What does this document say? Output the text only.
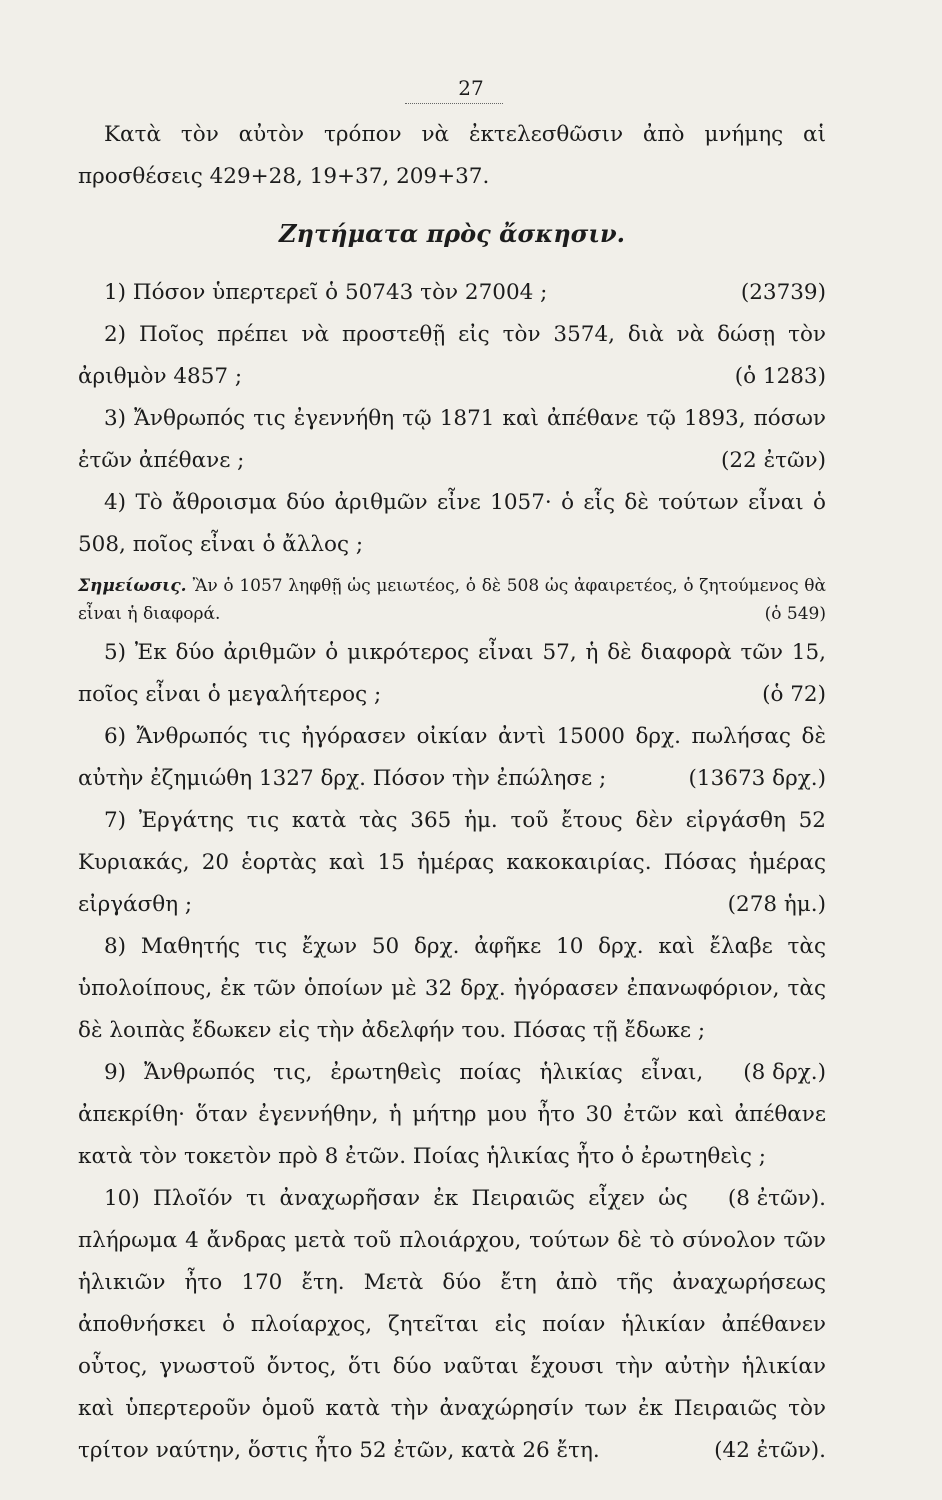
27

Κατὰ τὸν αὐτὸν τρόπον νὰ ἐκτελεσθῶσιν ἀπὸ μνήμης αἱ προσθέσεις 429+28, 19+37, 209+37.

Ζητήματα πρὸς ἄσκησιν.

(23739)
1) Πόσον ὑπερτερεῖ ὁ 50743 τὸν 27004 ;

2) Ποῖος πρέπει νὰ προστεθῇ εἰς τὸν 3574, διὰ νὰ δώσῃ τὸν ἀριθμὸν 4857 ;	(ὁ 1283)

3) Ἄνθρωπός τις ἐγεννήθη τῷ 1871 καὶ ἀπέθανε τῷ 1893, πόσων ἐτῶν ἀπέθανε ;	(22 ἐτῶν)

4) Τὸ ἄθροισμα δύο ἀριθμῶν εἶνε 1057· ὁ εἷς δὲ τούτων εἶναι ὁ 508, ποῖος εἶναι ὁ ἄλλος ;

Σημείωσις. Ἂν ὁ 1057 ληφθῇ ὡς μειωτέος, ὁ δὲ 508 ὡς ἀφαιρετέος, ὁ ζητούμενος θὰ εἶναι ἡ διαφορά.	(ὁ 549)

5) Ἐκ δύο ἀριθμῶν ὁ μικρότερος εἶναι 57, ἡ δὲ διαφορὰ τῶν 15, ποῖος εἶναι ὁ μεγαλήτερος ;	(ὁ 72)

6) Ἄνθρωπός τις ἠγόρασεν οἰκίαν ἀντὶ 15000 δρχ. πωλήσας δὲ αὐτὴν ἐζημιώθη 1327 δρχ. Πόσον τὴν ἐπώλησε ;	(13673 δρχ.)

7) Ἐργάτης τις κατὰ τὰς 365 ἡμ. τοῦ ἔτους δὲν εἰργάσθη 52 Κυριακάς, 20 ἑορτὰς καὶ 15 ἡμέρας κακοκαιρίας. Πόσας ἡμέρας εἰργάσθη ;	(278 ἡμ.)

8) Μαθητής τις ἔχων 50 δρχ. ἀφῆκε 10 δρχ. καὶ ἔλαβε τὰς ὑπολοίπους, ἐκ τῶν ὁποίων μὲ 32 δρχ. ἠγόρασεν ἐπανωφόριον, τὰς δὲ λοιπὰς ἔδωκεν εἰς τὴν ἀδελφήν του. Πόσας τῇ ἔδωκε ;
(8 δρχ.)

9) Ἄνθρωπός τις, ἐρωτηθεὶς ποίας ἡλικίας εἶναι, ἀπεκρίθη· ὅταν ἐγεννήθην, ἡ μήτηρ μου ἦτο 30 ἐτῶν καὶ ἀπέθανε κατὰ τὸν τοκετὸν πρὸ 8 ἐτῶν. Ποίας ἡλικίας ἦτο ὁ ἐρωτηθεὶς ;
(8 ἐτῶν).

10) Πλοῖόν τι ἀναχωρῆσαν ἐκ Πειραιῶς εἶχεν ὡς πλήρωμα 4 ἄνδρας μετὰ τοῦ πλοιάρχου, τούτων δὲ τὸ σύνολον τῶν ἡλικιῶν ἦτο 170 ἔτη. Μετὰ δύο ἔτη ἀπὸ τῆς ἀναχωρήσεως ἀποθνήσκει ὁ πλοίαρχος, ζητεῖται εἰς ποίαν ἡλικίαν ἀπέθανεν οὗτος, γνωστοῦ ὄντος, ὅτι δύο ναῦται ἔχουσι τὴν αὐτὴν ἡλικίαν καὶ ὑπερτεροῦν ὁμοῦ κατὰ τὴν ἀναχώρησίν των ἐκ Πειραιῶς τὸν τρίτον ναύτην, ὅστις ἦτο 52 ἐτῶν, κατὰ 26 ἔτη.	(42 ἐτῶν).
